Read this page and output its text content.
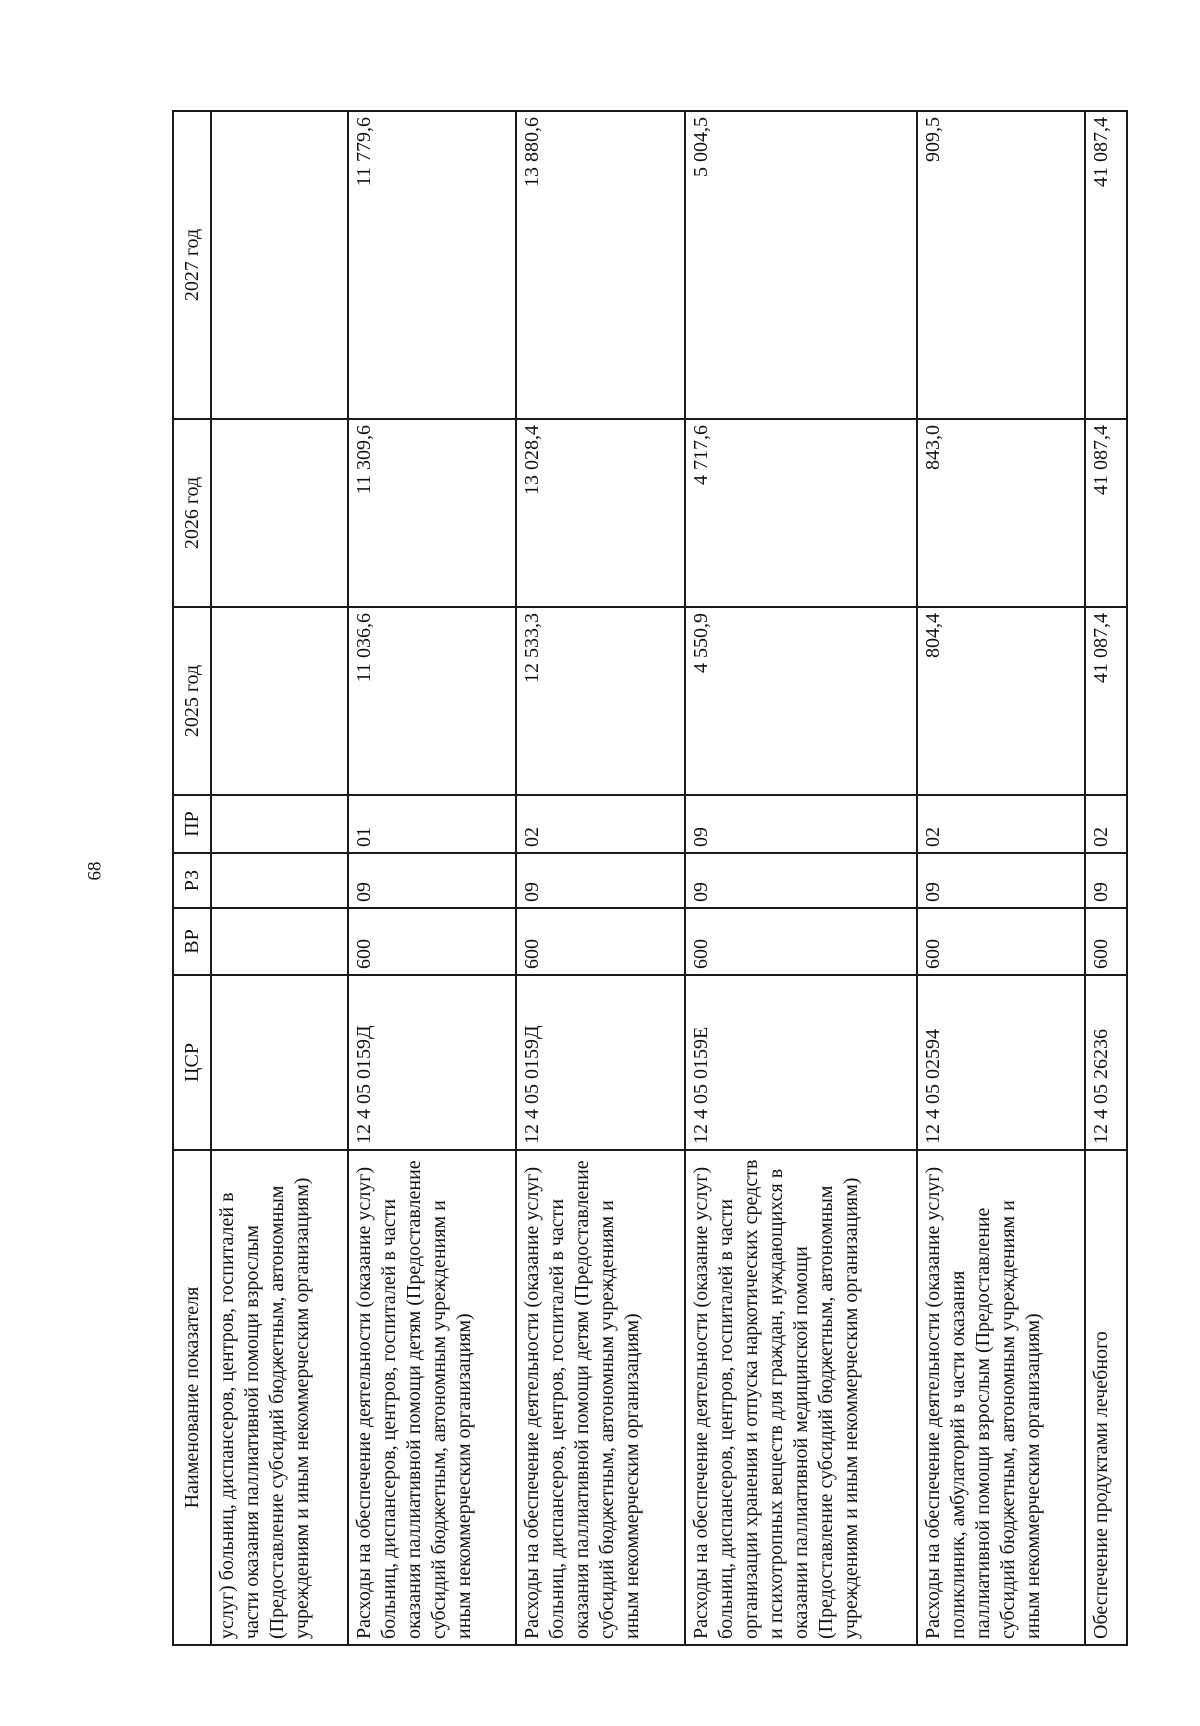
68
Наименование показателя	ЦСР	ВР	РЗ	ПР	2025 год	2026 год	2027 год
услуг) больниц, диспансеров, центров, госпиталей в части оказания паллиативной помощи взрослым (Предоставление субсидий бюджетным, автономным учреждениям и иным некоммерческим организациям)							
Расходы на обеспечение деятельности (оказание услуг) больниц, диспансеров, центров, госпиталей в части оказания паллиативной помощи детям (Предоставление субсидий бюджетным, автономным учреждениям и иным некоммерческим организациям)	12 4 05 0159Д	600	09	01	11 036,6	11 309,6	11 779,6
Расходы на обеспечение деятельности (оказание услуг) больниц, диспансеров, центров, госпиталей в части оказания паллиативной помощи детям (Предоставление субсидий бюджетным, автономным учреждениям и иным некоммерческим организациям)	12 4 05 0159Д	600	09	02	12 533,3	13 028,4	13 880,6
Расходы на обеспечение деятельности (оказание услуг) больниц, диспансеров, центров, госпиталей в части организации хранения и отпуска наркотических средств и психотропных веществ для граждан, нуждающихся в оказании паллиативной медицинской помощи (Предоставление субсидий бюджетным, автономным учреждениям и иным некоммерческим организациям)	12 4 05 0159Е	600	09	09	4 550,9	4 717,6	5 004,5
Расходы на обеспечение деятельности (оказание услуг) поликлиник, амбулаторий в части оказания паллиативной помощи взрослым (Предоставление субсидий бюджетным, автономным учреждениям и иным некоммерческим организациям)	12 4 05 02594	600	09	02	804,4	843,0	909,5
Обеспечение продуктами лечебного	12 4 05 26236	600	09	02	41 087,4	41 087,4	41 087,4
